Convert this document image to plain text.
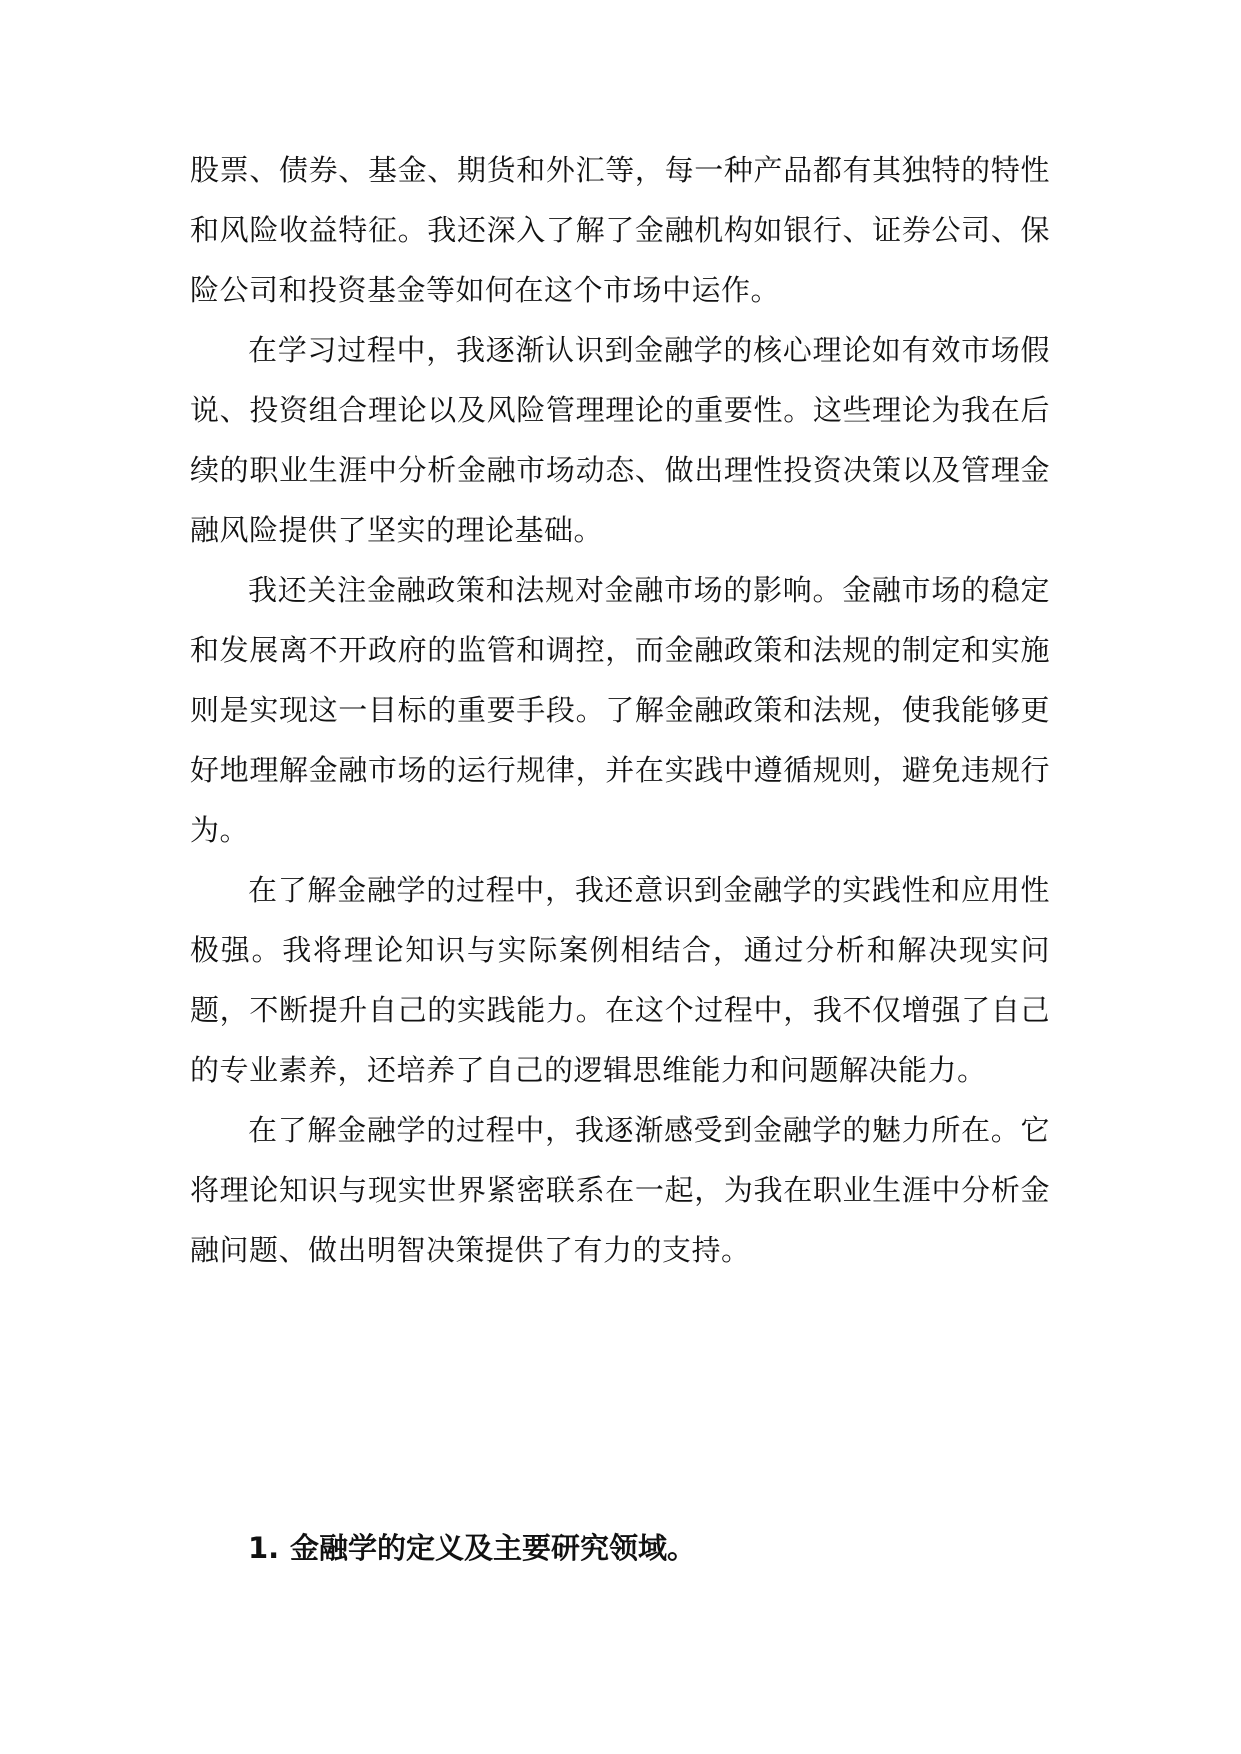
股票、债券、基金、期货和外汇等，每一种产品都有其独特的特性和风险收益特征。我还深入了解了金融机构如银行、证券公司、保险公司和投资基金等如何在这个市场中运作。

在学习过程中，我逐渐认识到金融学的核心理论如有效市场假说、投资组合理论以及风险管理理论的重要性。这些理论为我在后续的职业生涯中分析金融市场动态、做出理性投资决策以及管理金融风险提供了坚实的理论基础。

我还关注金融政策和法规对金融市场的影响。金融市场的稳定和发展离不开政府的监管和调控，而金融政策和法规的制定和实施则是实现这一目标的重要手段。了解金融政策和法规，使我能够更好地理解金融市场的运行规律，并在实践中遵循规则，避免违规行为。

在了解金融学的过程中，我还意识到金融学的实践性和应用性极强。我将理论知识与实际案例相结合，通过分析和解决现实问题，不断提升自己的实践能力。在这个过程中，我不仅增强了自己的专业素养，还培养了自己的逻辑思维能力和问题解决能力。

在了解金融学的过程中，我逐渐感受到金融学的魅力所在。它将理论知识与现实世界紧密联系在一起，为我在职业生涯中分析金融问题、做出明智决策提供了有力的支持。

1. 金融学的定义及主要研究领域。
